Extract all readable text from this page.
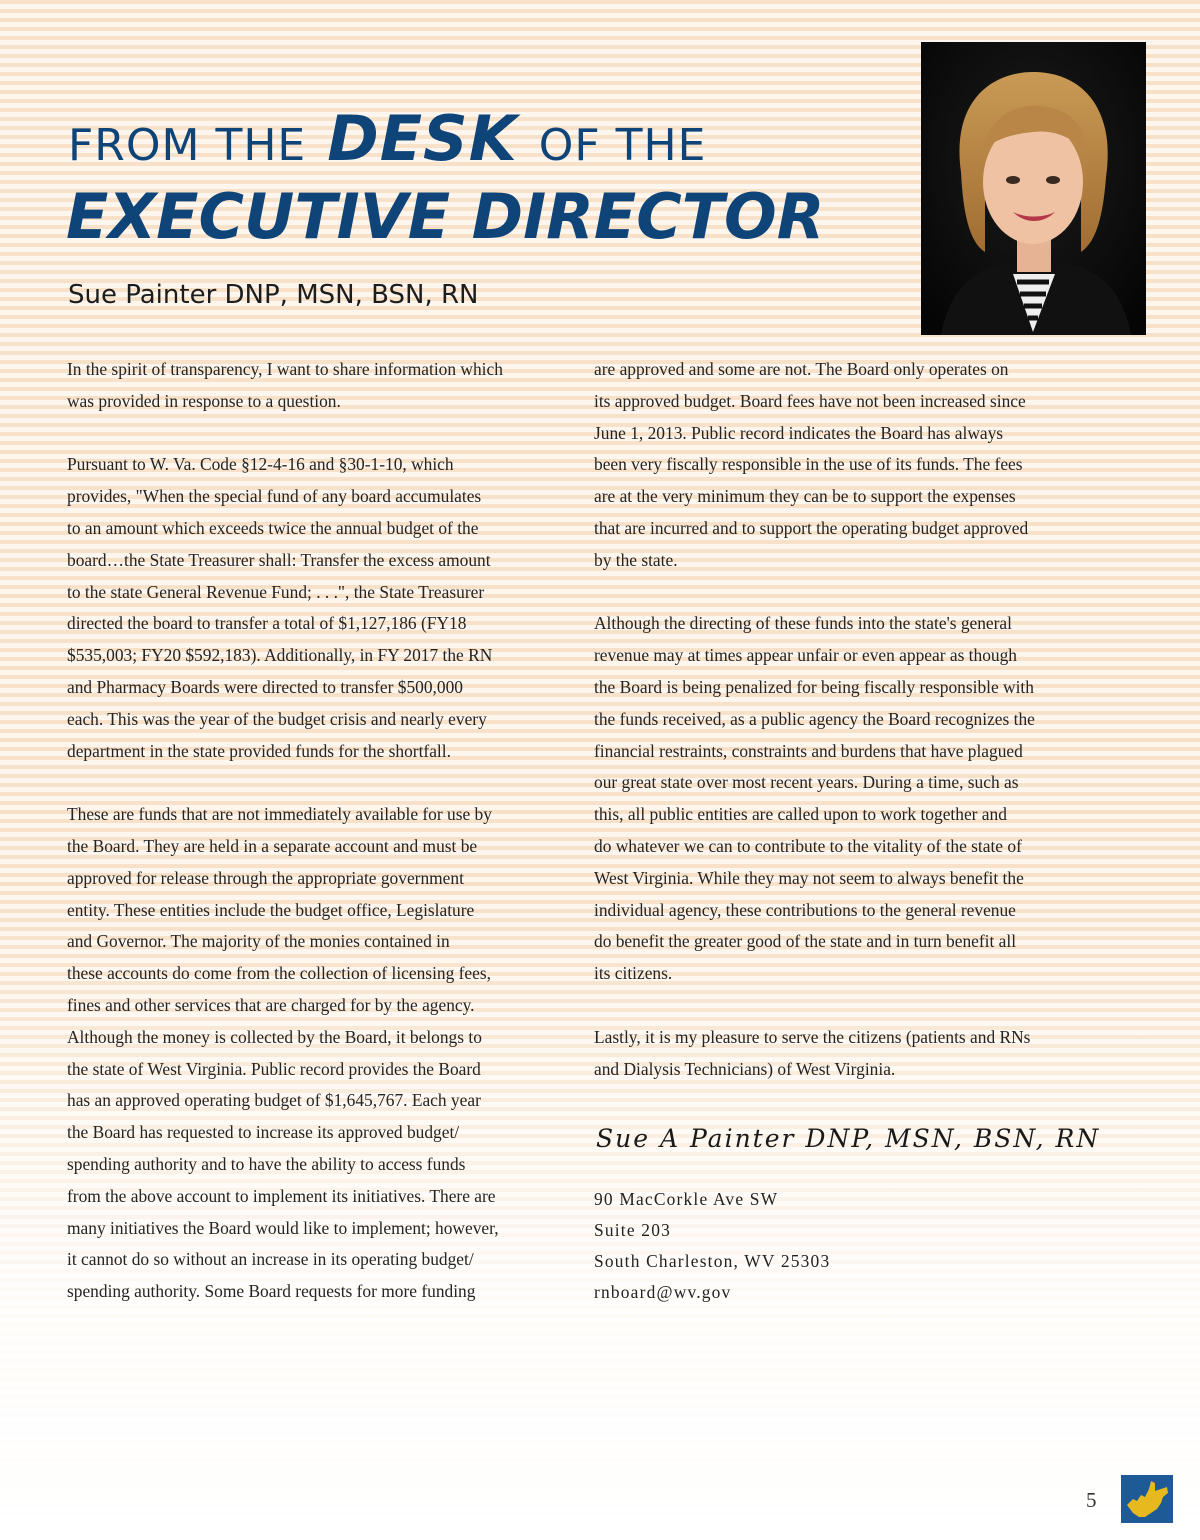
FROM THE DESK OF THE
EXECUTIVE DIRECTOR
Sue Painter DNP, MSN, BSN, RN

In the spirit of transparency, I want to share information which
was provided in response to a question.

Pursuant to W. Va. Code §12-4-16 and §30-1-10, which
provides, "When the special fund of any board accumulates
to an amount which exceeds twice the annual budget of the
board…the State Treasurer shall: Transfer the excess amount
to the state General Revenue Fund; . . .", the State Treasurer
directed the board to transfer a total of $1,127,186 (FY18
$535,003; FY20 $592,183). Additionally, in FY 2017 the RN
and Pharmacy Boards were directed to transfer $500,000
each. This was the year of the budget crisis and nearly every
department in the state provided funds for the shortfall.

These are funds that are not immediately available for use by
the Board. They are held in a separate account and must be
approved for release through the appropriate government
entity. These entities include the budget office, Legislature
and Governor. The majority of the monies contained in
these accounts do come from the collection of licensing fees,
fines and other services that are charged for by the agency.
Although the money is collected by the Board, it belongs to
the state of West Virginia. Public record provides the Board
has an approved operating budget of $1,645,767. Each year
the Board has requested to increase its approved budget/
spending authority and to have the ability to access funds
from the above account to implement its initiatives. There are
many initiatives the Board would like to implement; however,
it cannot do so without an increase in its operating budget/
spending authority. Some Board requests for more funding

are approved and some are not. The Board only operates on
its approved budget. Board fees have not been increased since
June 1, 2013. Public record indicates the Board has always
been very fiscally responsible in the use of its funds. The fees
are at the very minimum they can be to support the expenses
that are incurred and to support the operating budget approved
by the state.

Although the directing of these funds into the state's general
revenue may at times appear unfair or even appear as though
the Board is being penalized for being fiscally responsible with
the funds received, as a public agency the Board recognizes the
financial restraints, constraints and burdens that have plagued
our great state over most recent years. During a time, such as
this, all public entities are called upon to work together and
do whatever we can to contribute to the vitality of the state of
West Virginia. While they may not seem to always benefit the
individual agency, these contributions to the general revenue
do benefit the greater good of the state and in turn benefit all
its citizens.

Lastly, it is my pleasure to serve the citizens (patients and RNs
and Dialysis Technicians) of West Virginia.

Sue A Painter DNP, MSN, BSN, RN
90 MacCorkle Ave SW
Suite 203
South Charleston, WV 25303
rnboard@wv.gov
5
